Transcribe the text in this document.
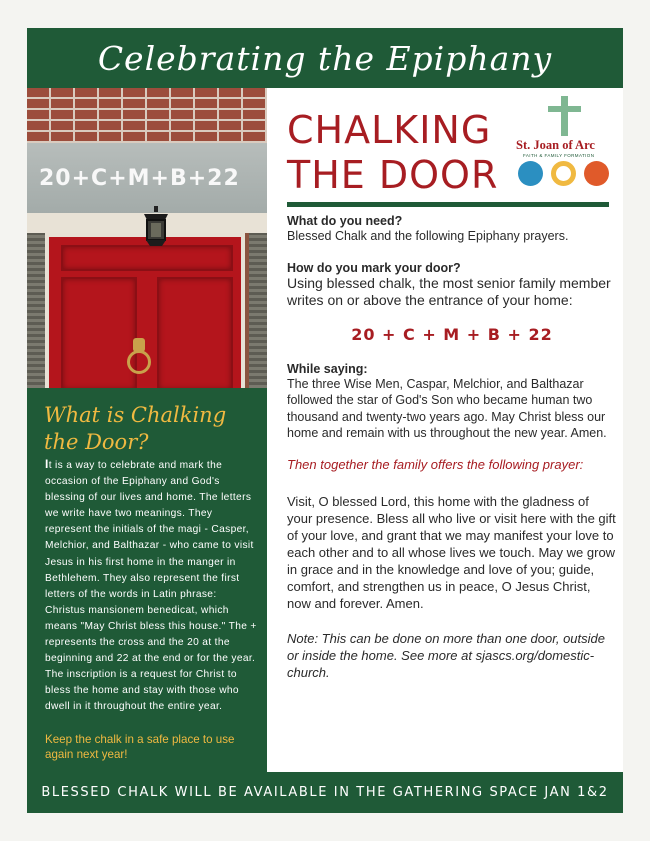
Celebrating the Epiphany
20+C+M+B+22
What is Chalking the Door?
It is a way to celebrate and mark the occasion of the Epiphany and God's blessing of our lives and home. The letters we write have two meanings. They represent the initials of the magi - Casper, Melchior, and Balthazar - who came to visit Jesus in his first home in the manger in Bethlehem. They also represent the first letters of the words in Latin phrase: Christus mansionem benedicat, which means "May Christ bless this house." The + represents the cross and the 20 at the beginning and 22 at the end or for the year. The inscription is a request for Christ to bless the home and stay with those who dwell in it throughout the entire year.
Keep the chalk in a safe place to use again next year!
CHALKING
THE DOOR
St. Joan of Arc
FAITH & FAMILY FORMATION

What do you need?

Blessed Chalk and the following Epiphany prayers.

How do you mark your door?

Using blessed chalk, the most senior family member writes on or above the entrance of your home:

20 + C + M + B + 22

While saying:

The three Wise Men, Caspar, Melchior, and Balthazar followed the star of God's Son who became human two thousand and twenty-two years ago. May Christ bless our home and remain with us throughout the new year. Amen.

Then together the family offers the following prayer:

Visit, O blessed Lord, this home with the gladness of your presence. Bless all who live or visit here with the gift of your love, and grant that we may manifest your love to each other and to all whose lives we touch. May we grow in grace and in the knowledge and love of you; guide, comfort, and strengthen us in peace, O Jesus Christ, now and forever. Amen.

Note: This can be done on more than one door, outside or inside the home. See more at sjascs.org/domestic-church.

BLESSED CHALK WILL BE AVAILABLE IN THE GATHERING SPACE JAN 1&2
